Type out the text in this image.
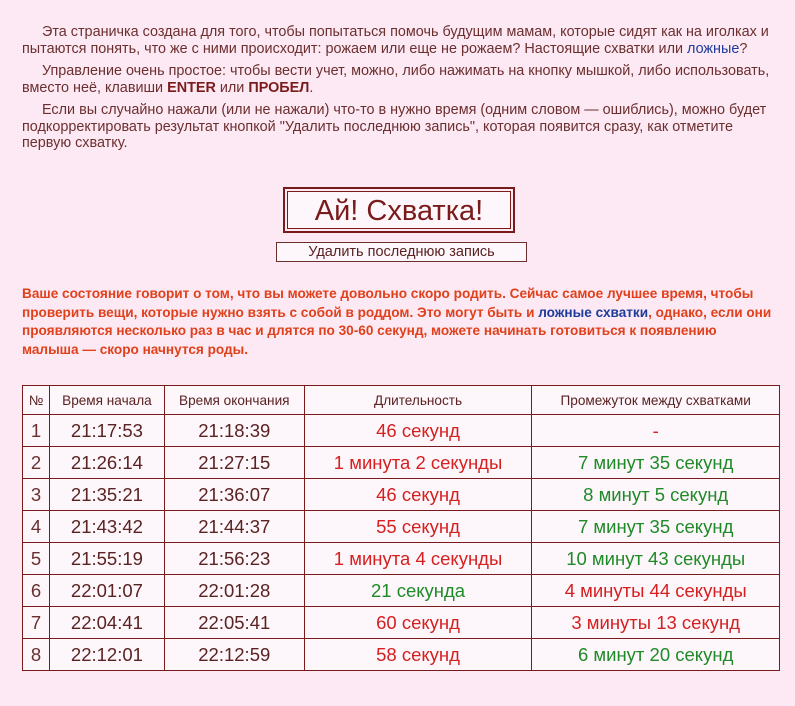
Эта страничка создана для того, чтобы попытаться помочь будущим мамам, которые сидят как на иголках и пытаются понять, что же с ними происходит: рожаем или еще не рожаем? Настоящие схватки или ложные?

Управление очень простое: чтобы вести учет, можно, либо нажимать на кнопку мышкой, либо использовать, вместо неё, клавиши ENTER или ПРОБЕЛ.

Если вы случайно нажали (или не нажали) что-то в нужно время (одним словом — ошиблись), можно будет подкорректировать результат кнопкой "Удалить последнюю запись", которая появится сразу, как отметите первую схватку.

Ай! Схватка!
Удалить последнюю запись
Ваше состояние говорит о том, что вы можете довольно скоро родить. Сейчас самое лучшее время, чтобы проверить вещи, которые нужно взять с собой в роддом. Это могут быть и ложные схватки, однако, если они проявляются несколько раз в час и длятся по 30-60 секунд, можете начинать готовиться к появлению малыша — скоро начнутся роды.
№	Время начала	Время окончания	Длительность	Промежуток между схватками
1	21:17:53	21:18:39	46 секунд	-
2	21:26:14	21:27:15	1 минута 2 секунды	7 минут 35 секунд
3	21:35:21	21:36:07	46 секунд	8 минут 5 секунд
4	21:43:42	21:44:37	55 секунд	7 минут 35 секунд
5	21:55:19	21:56:23	1 минута 4 секунды	10 минут 43 секунды
6	22:01:07	22:01:28	21 секунда	4 минуты 44 секунды
7	22:04:41	22:05:41	60 секунд	3 минуты 13 секунд
8	22:12:01	22:12:59	58 секунд	6 минут 20 секунд
